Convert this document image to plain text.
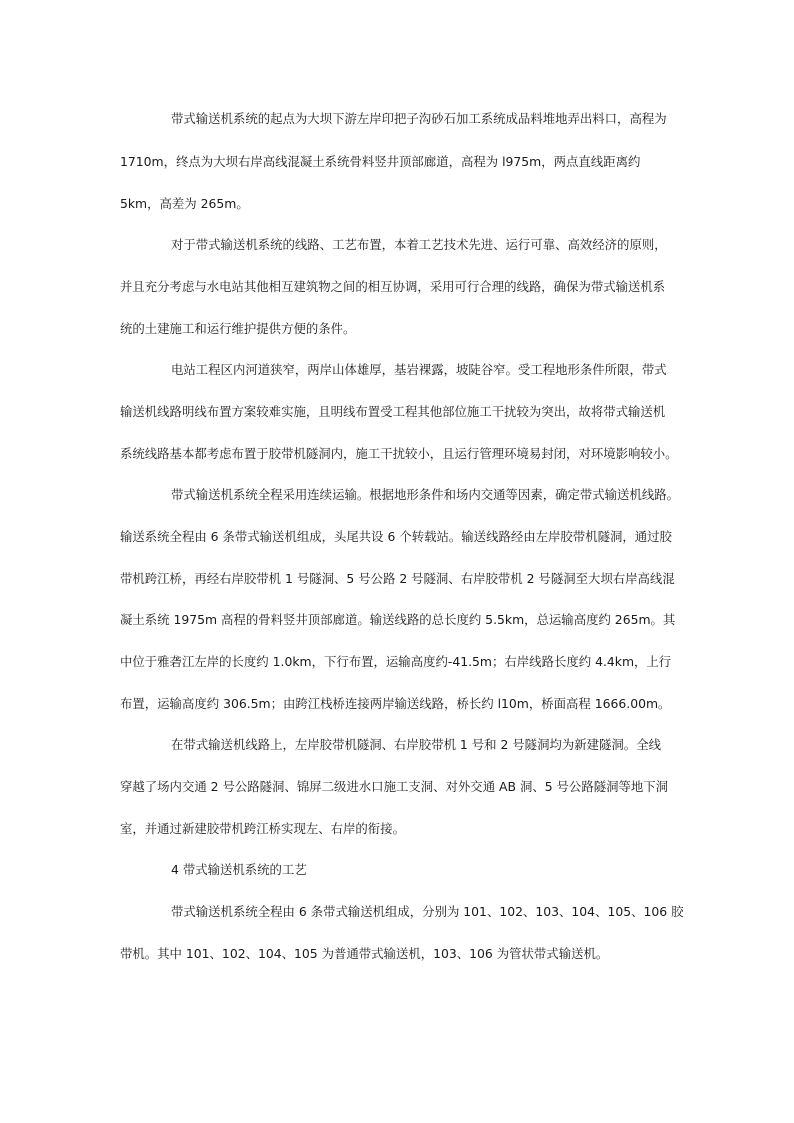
带式输送机系统的起点为大坝下游左岸印把子沟砂石加工系统成品料堆地弄出料口，高程为
1710m，终点为大坝右岸高线混凝土系统骨料竖井顶部廊道，高程为 l975m，两点直线距离约
5km，高差为 265m。
对于带式输送机系统的线路、工艺布置，本着工艺技术先进、运行可靠、高效经济的原则，
并且充分考虑与水电站其他相互建筑物之间的相互协调，采用可行合理的线路，确保为带式输送机系
统的土建施工和运行维护提供方便的条件。
电站工程区内河道狭窄，两岸山体雄厚，基岩裸露，坡陡谷窄。受工程地形条件所限，带式
输送机线路明线布置方案较难实施，且明线布置受工程其他部位施工干扰较为突出，故将带式输送机
系统线路基本都考虑布置于胶带机隧洞内，施工干扰较小，且运行管理环境易封闭，对环境影响较小。
带式输送机系统全程采用连续运输。根据地形条件和场内交通等因素，确定带式输送机线路。
输送系统全程由 6 条带式输送机组成，头尾共设 6 个转载站。输送线路经由左岸胶带机隧洞，通过胶
带机跨江桥，再经右岸胶带机 1 号隧洞、5 号公路 2 号隧洞、右岸胶带机 2 号隧洞至大坝右岸高线混
凝土系统 1975m 高程的骨料竖井顶部廊道。输送线路的总长度约 5.5km，总运输高度约 265m。其
中位于雅砻江左岸的长度约 1.0km，下行布置，运输高度约-41.5m；右岸线路长度约 4.4km，上行
布置，运输高度约 306.5m；由跨江栈桥连接两岸输送线路，桥长约 l10m，桥面高程 1666.00m。
在带式输送机线路上，左岸胶带机隧洞、右岸胶带机 1 号和 2 号隧洞均为新建隧洞。全线
穿越了场内交通 2 号公路隧洞、锦屏二级进水口施工支洞、对外交通 AB 洞、5 号公路隧洞等地下洞
室，并通过新建胶带机跨江桥实现左、右岸的衔接。
4 带式输送机系统的工艺
带式输送机系统全程由 6 条带式输送机组成，分别为 101、102、103、104、105、106 胶
带机。其中 101、102、104、105 为普通带式输送机，103、106 为管状带式输送机。
